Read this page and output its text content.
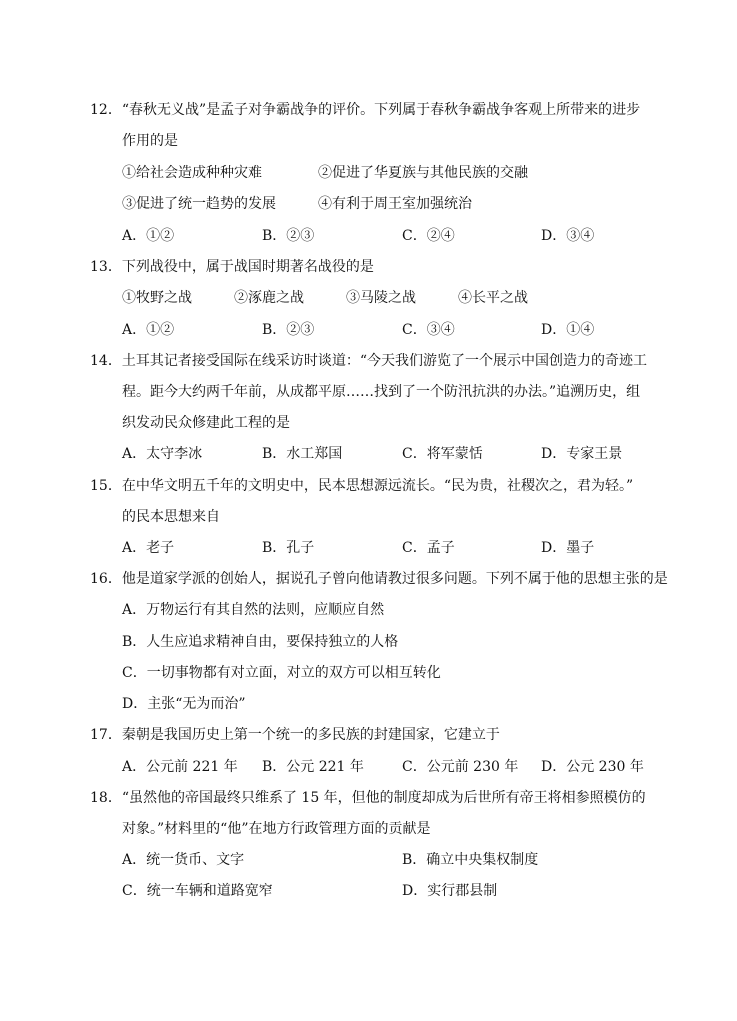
12．“春秋无义战”是孟子对争霸战争的评价。下列属于春秋争霸战争客观上所带来的进步
作用的是
①给社会造成种种灾难	②促进了华夏族与其他民族的交融
③促进了统一趋势的发展	④有利于周王室加强统治
A．①②	B．②③	C．②④	D．③④
13．下列战役中，属于战国时期著名战役的是
①牧野之战	②涿鹿之战	③马陵之战	④长平之战
A．①②	B．②③	C．③④	D．①④
14．土耳其记者接受国际在线采访时谈道：“今天我们游览了一个展示中国创造力的奇迹工
程。距今大约两千年前，从成都平原……找到了一个防汛抗洪的办法。”追溯历史，组
织发动民众修建此工程的是
A．太守李冰	B．水工郑国	C．将军蒙恬	D．专家王景
15．在中华文明五千年的文明史中，民本思想源远流长。“民为贵，社稷次之，君为轻。”
的民本思想来自
A．老子	B．孔子	C．孟子	D．墨子
16．他是道家学派的创始人，据说孔子曾向他请教过很多问题。下列不属于他的思想主张的是
A．万物运行有其自然的法则，应顺应自然
B．人生应追求精神自由，要保持独立的人格
C．一切事物都有对立面，对立的双方可以相互转化
D．主张“无为而治”
17．秦朝是我国历史上第一个统一的多民族的封建国家，它建立于
A．公元前 221 年 B．公元 221 年	C．公元前 230 年 D．公元 230 年
18．“虽然他的帝国最终只维系了 15 年，但他的制度却成为后世所有帝王将相参照模仿的
对象。”材料里的“他”在地方行政管理方面的贡献是
A．统一货币、文字	B．确立中央集权制度
C．统一车辆和道路宽窄	D．实行郡县制
